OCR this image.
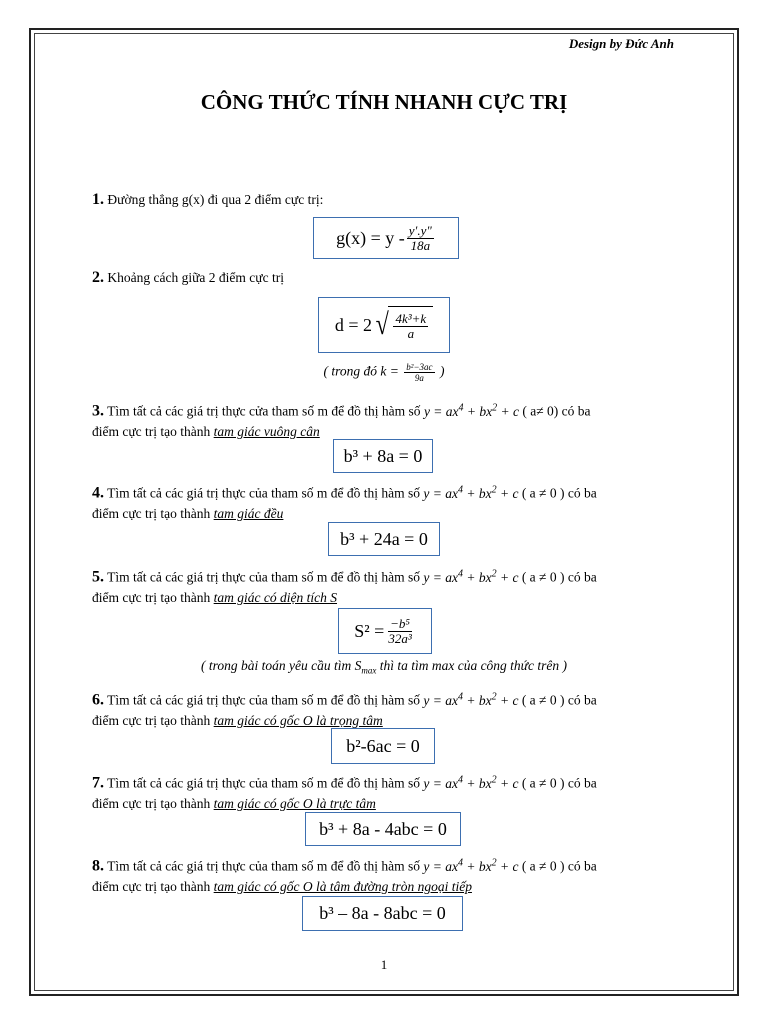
Design by Đức Anh
CÔNG THỨC TÍNH NHANH CỰC TRỊ
1. Đường thẳng g(x) đi qua 2 điểm cực trị:
$g(x) = y - \frac{y'.y"}{18a}$
2. Khoảng cách giữa 2 điểm cực trị
d = 2 √ $\frac{\text{4k³+k}}{a}$
( trong đó $k = \frac{\text{b²−3ac}}{9a}$ )
3. Tìm tất cả các giá trị thực cửa tham số m để đồ thị hàm số $y = ax^4 + bx^2 + c$ ( a≠ 0) có ba
điểm cực trị tạo thành tam giác vuông cân
b³ + 8a = 0
4. Tìm tất cả các giá trị thực của tham số m để đồ thị hàm số $y = ax^4 + bx^2 + c$ ( a ≠ 0 ) có ba
điểm cực trị tạo thành tam giác đều
b³ + 24a = 0
5. Tìm tất cả các giá trị thực của tham số m để đồ thị hàm số $y = ax^4 + bx^2 + c$ ( a ≠ 0 ) có ba
điểm cực trị tạo thành tam giác có diện tích S
$S^2 = \frac{\text{−b⁵}}{\text{32a³}}$
( trong bài toán yêu cầu tìm $S_{max}$ thì ta tìm max của công thức trên )
6. Tìm tất cả các giá trị thực của tham số m để đồ thị hàm số $y = ax^4 + bx^2 + c$ ( a ≠ 0 ) có ba
điểm cực trị tạo thành tam giác có gốc O là trọng tâm
b²-6ac = 0
7. Tìm tất cả các giá trị thực của tham số m để đồ thị hàm số $y = ax^4 + bx^2 + c$ ( a ≠ 0 ) có ba
điểm cực trị tạo thành tam giác có gốc O là trực tâm
b³ + 8a - 4abc = 0
8. Tìm tất cả các giá trị thực của tham số m để đồ thị hàm số $y = ax^4 + bx^2 + c$ ( a ≠ 0 ) có ba
điểm cực trị tạo thành tam giác có gốc O là tâm đường tròn ngoại tiếp
b³ – 8a - 8abc = 0
1
